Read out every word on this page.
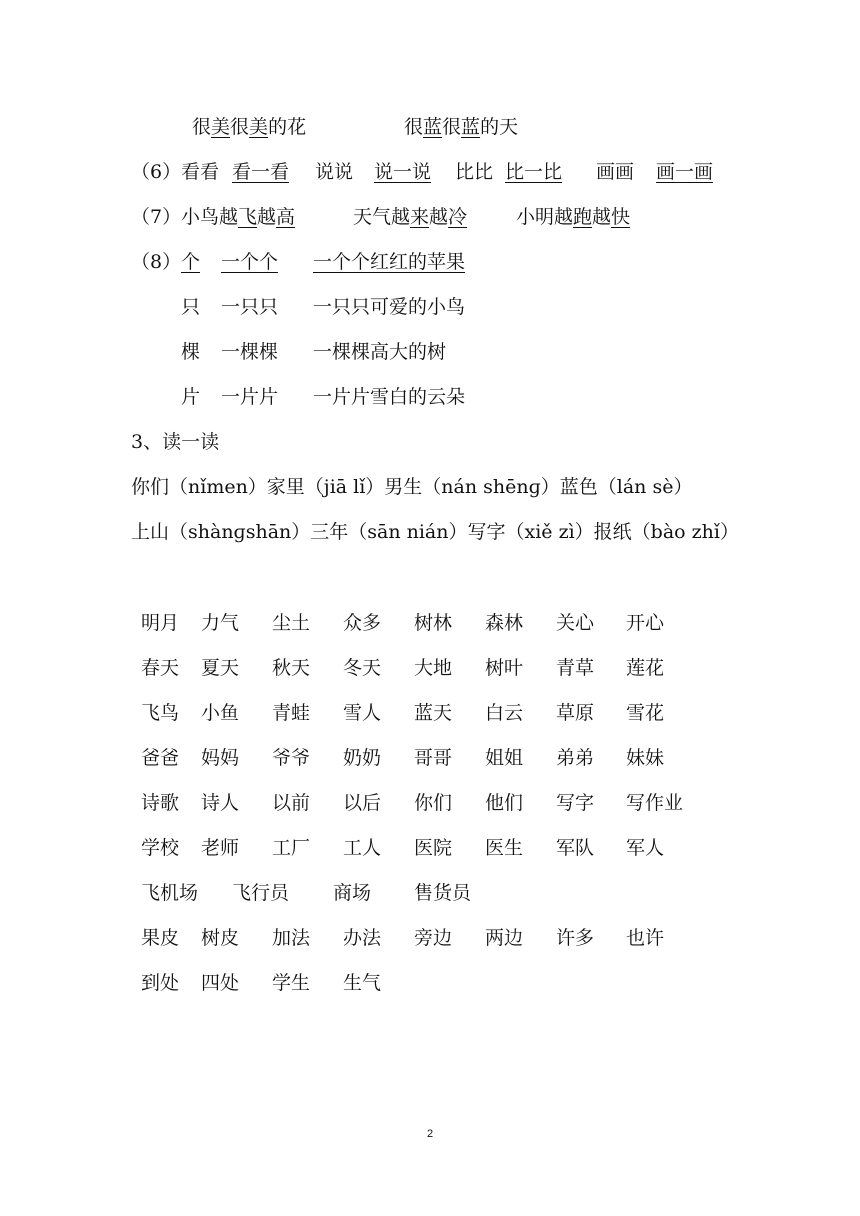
很美很美的花	很蓝很蓝的天
（6） 看看 看一看 说说 说一说 比比 比一比 画画 画一画
（7） 小鸟越飞越高	天气越来越冷	小明越跑越快
（8） 个 一个个 一个个红红的苹果
只 一只只 一只只可爱的小鸟
棵 一棵棵 一棵棵高大的树
片 一片片 一片片雪白的云朵
3、读一读
你们（nǐmen）家里（jiā lǐ）男生（nán shēnɡ）蓝色（lán sè）
上山（shànɡshān）三年（sān nián）写字（xiě zì）报纸（bào zhǐ）
明月 力气 尘土 众多 树林 森林 关心 开心
春天 夏天 秋天 冬天 大地 树叶 青草 莲花
飞鸟 小鱼 青蛙 雪人 蓝天 白云 草原 雪花
爸爸 妈妈 爷爷 奶奶 哥哥 姐姐 弟弟 妹妹
诗歌 诗人 以前 以后 你们 他们 写字 写作业
学校 老师 工厂 工人 医院 医生 军队 军人
飞机场 飞行员 商场 售货员
果皮 树皮 加法 办法 旁边 两边 许多 也许
到处 四处 学生 生气
2
